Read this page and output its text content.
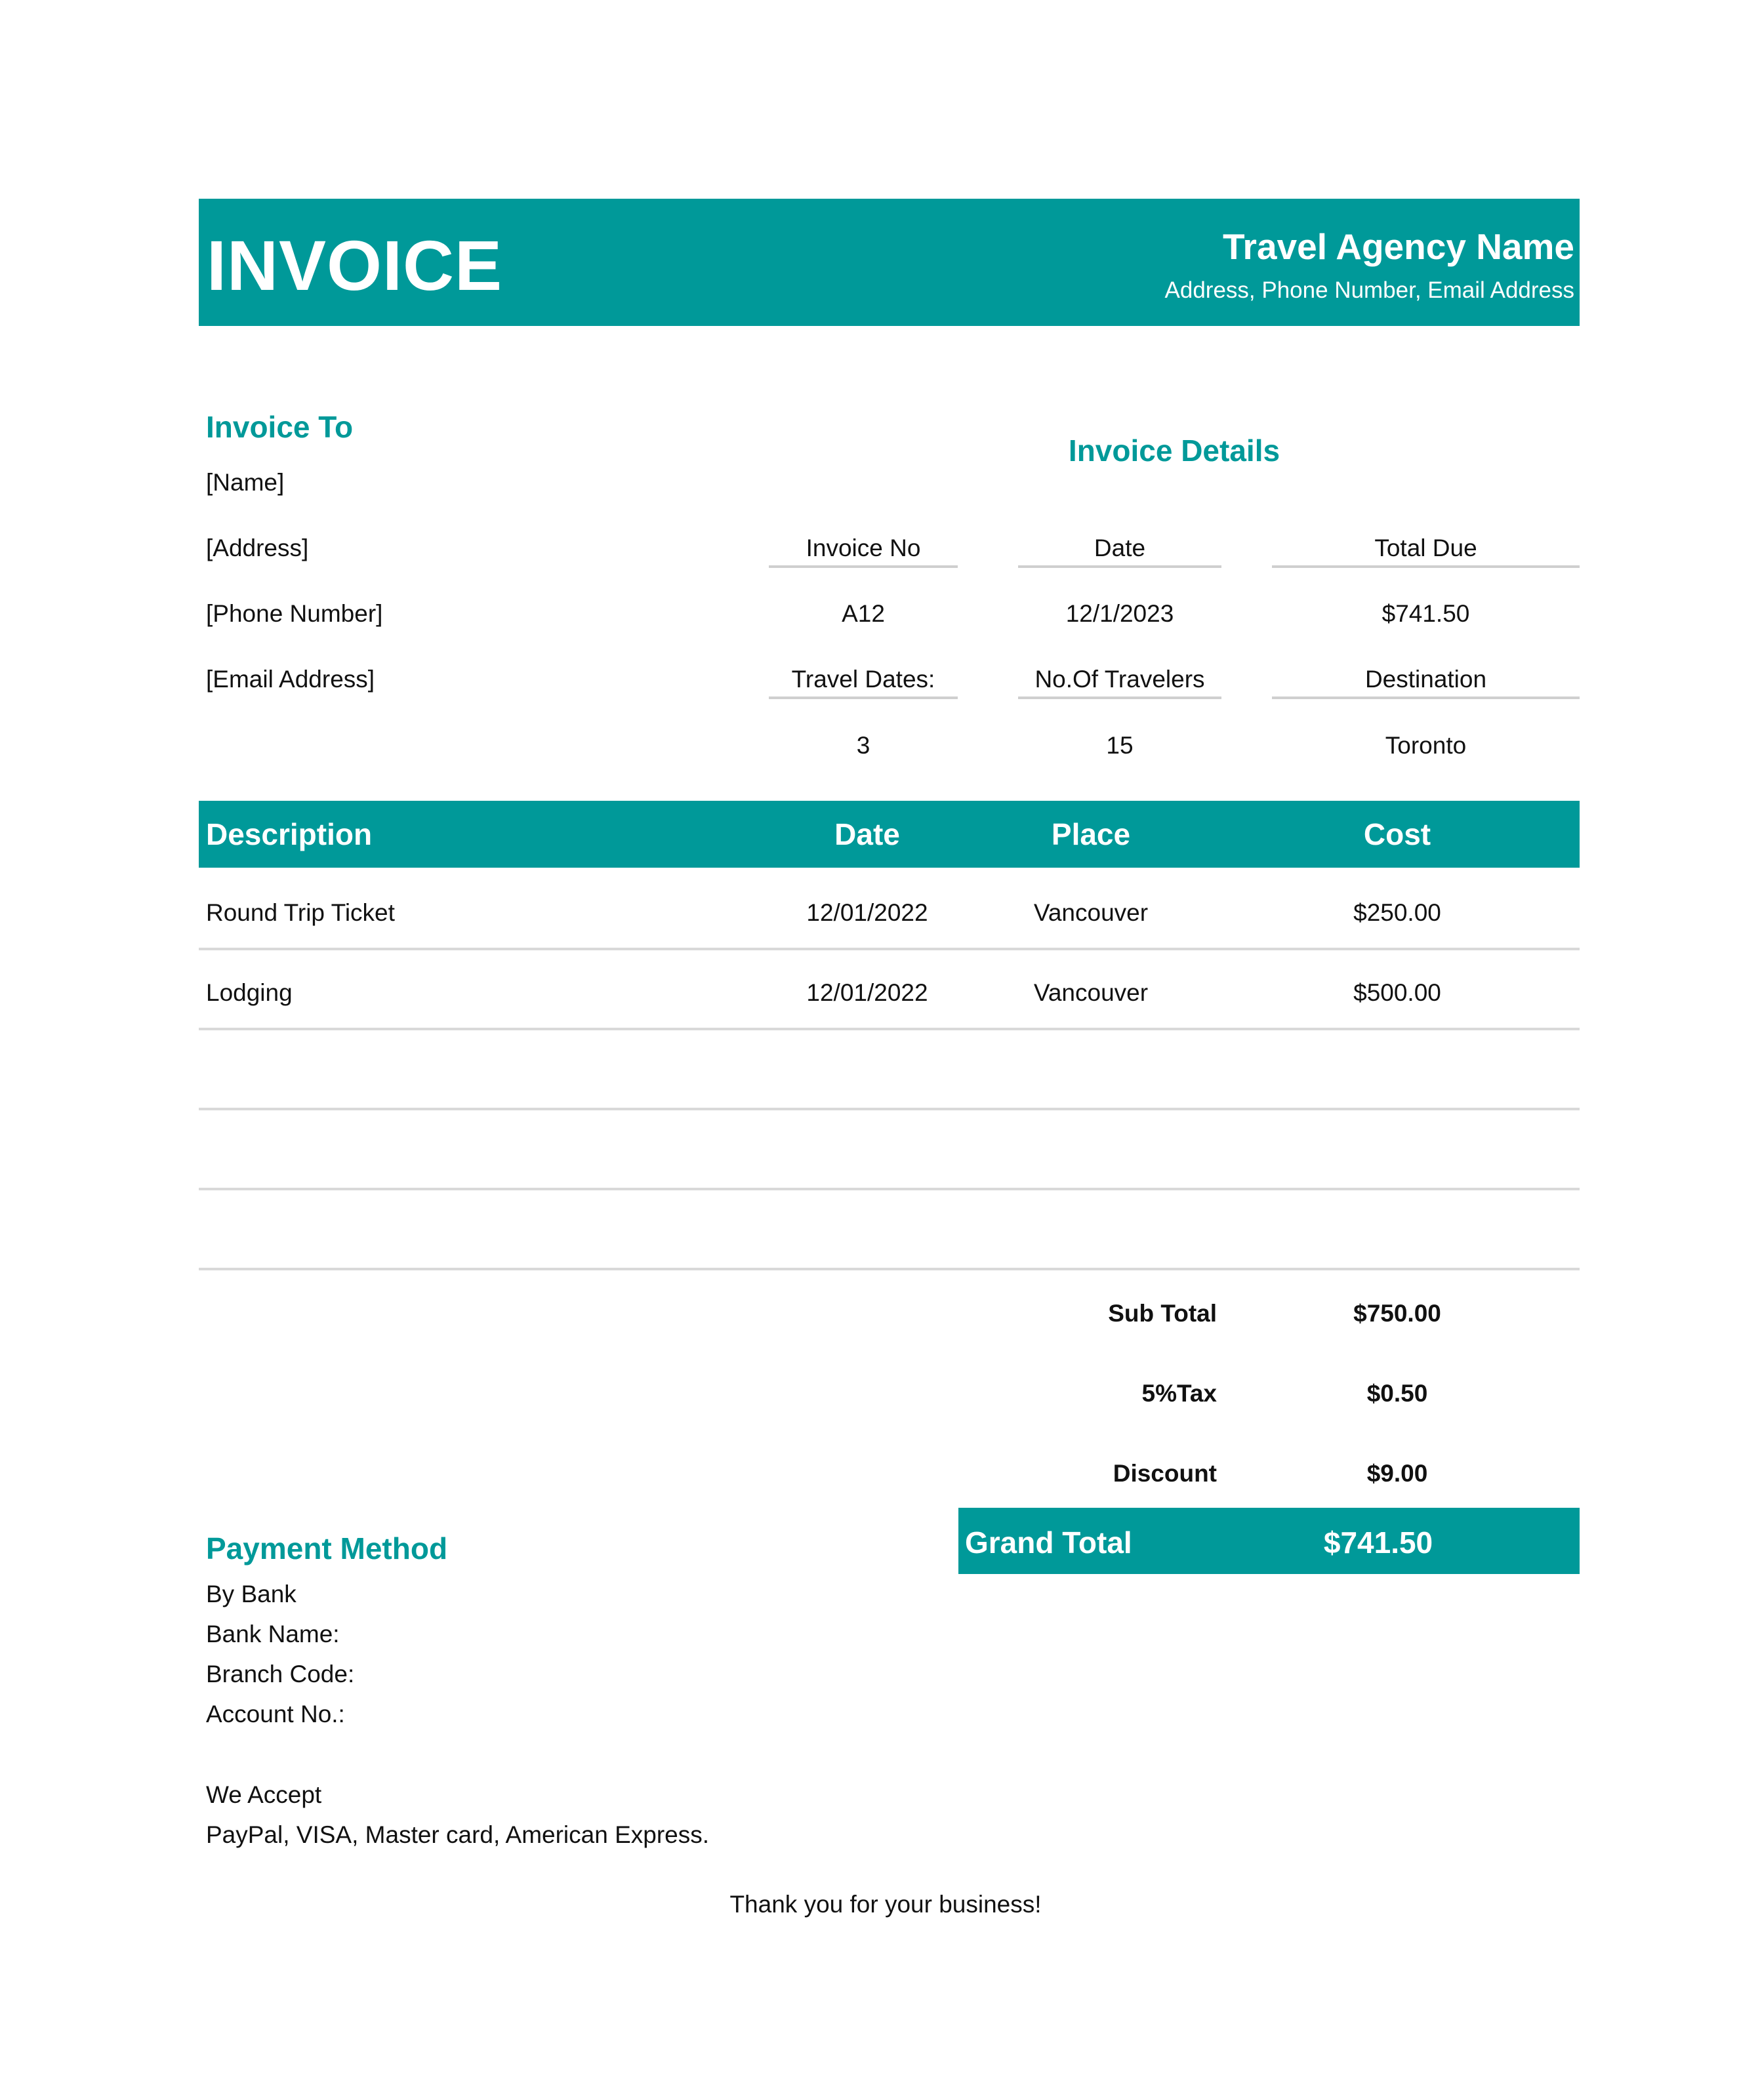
INVOICE	Travel Agency Name
Address, Phone Number, Email Address
Invoice To
[Name]
[Address]
[Phone Number]
[Email Address]
Invoice Details
Invoice No	Date	Total Due
A12	12/1/2023	$741.50
Travel Dates:	No.Of Travelers	Destination
3	15	Toronto
Description	Date	Place	Cost
Round Trip Ticket	12/01/2022	Vancouver	$250.00
Lodging	12/01/2022	Vancouver	$500.00
Sub Total	$750.00
5%Tax	$0.50
Discount	$9.00
Grand Total	$741.50
Payment Method
By Bank
Bank Name:
Branch Code:
Account No.:
We Accept
PayPal, VISA, Master card, American Express.
Thank you for your business!
